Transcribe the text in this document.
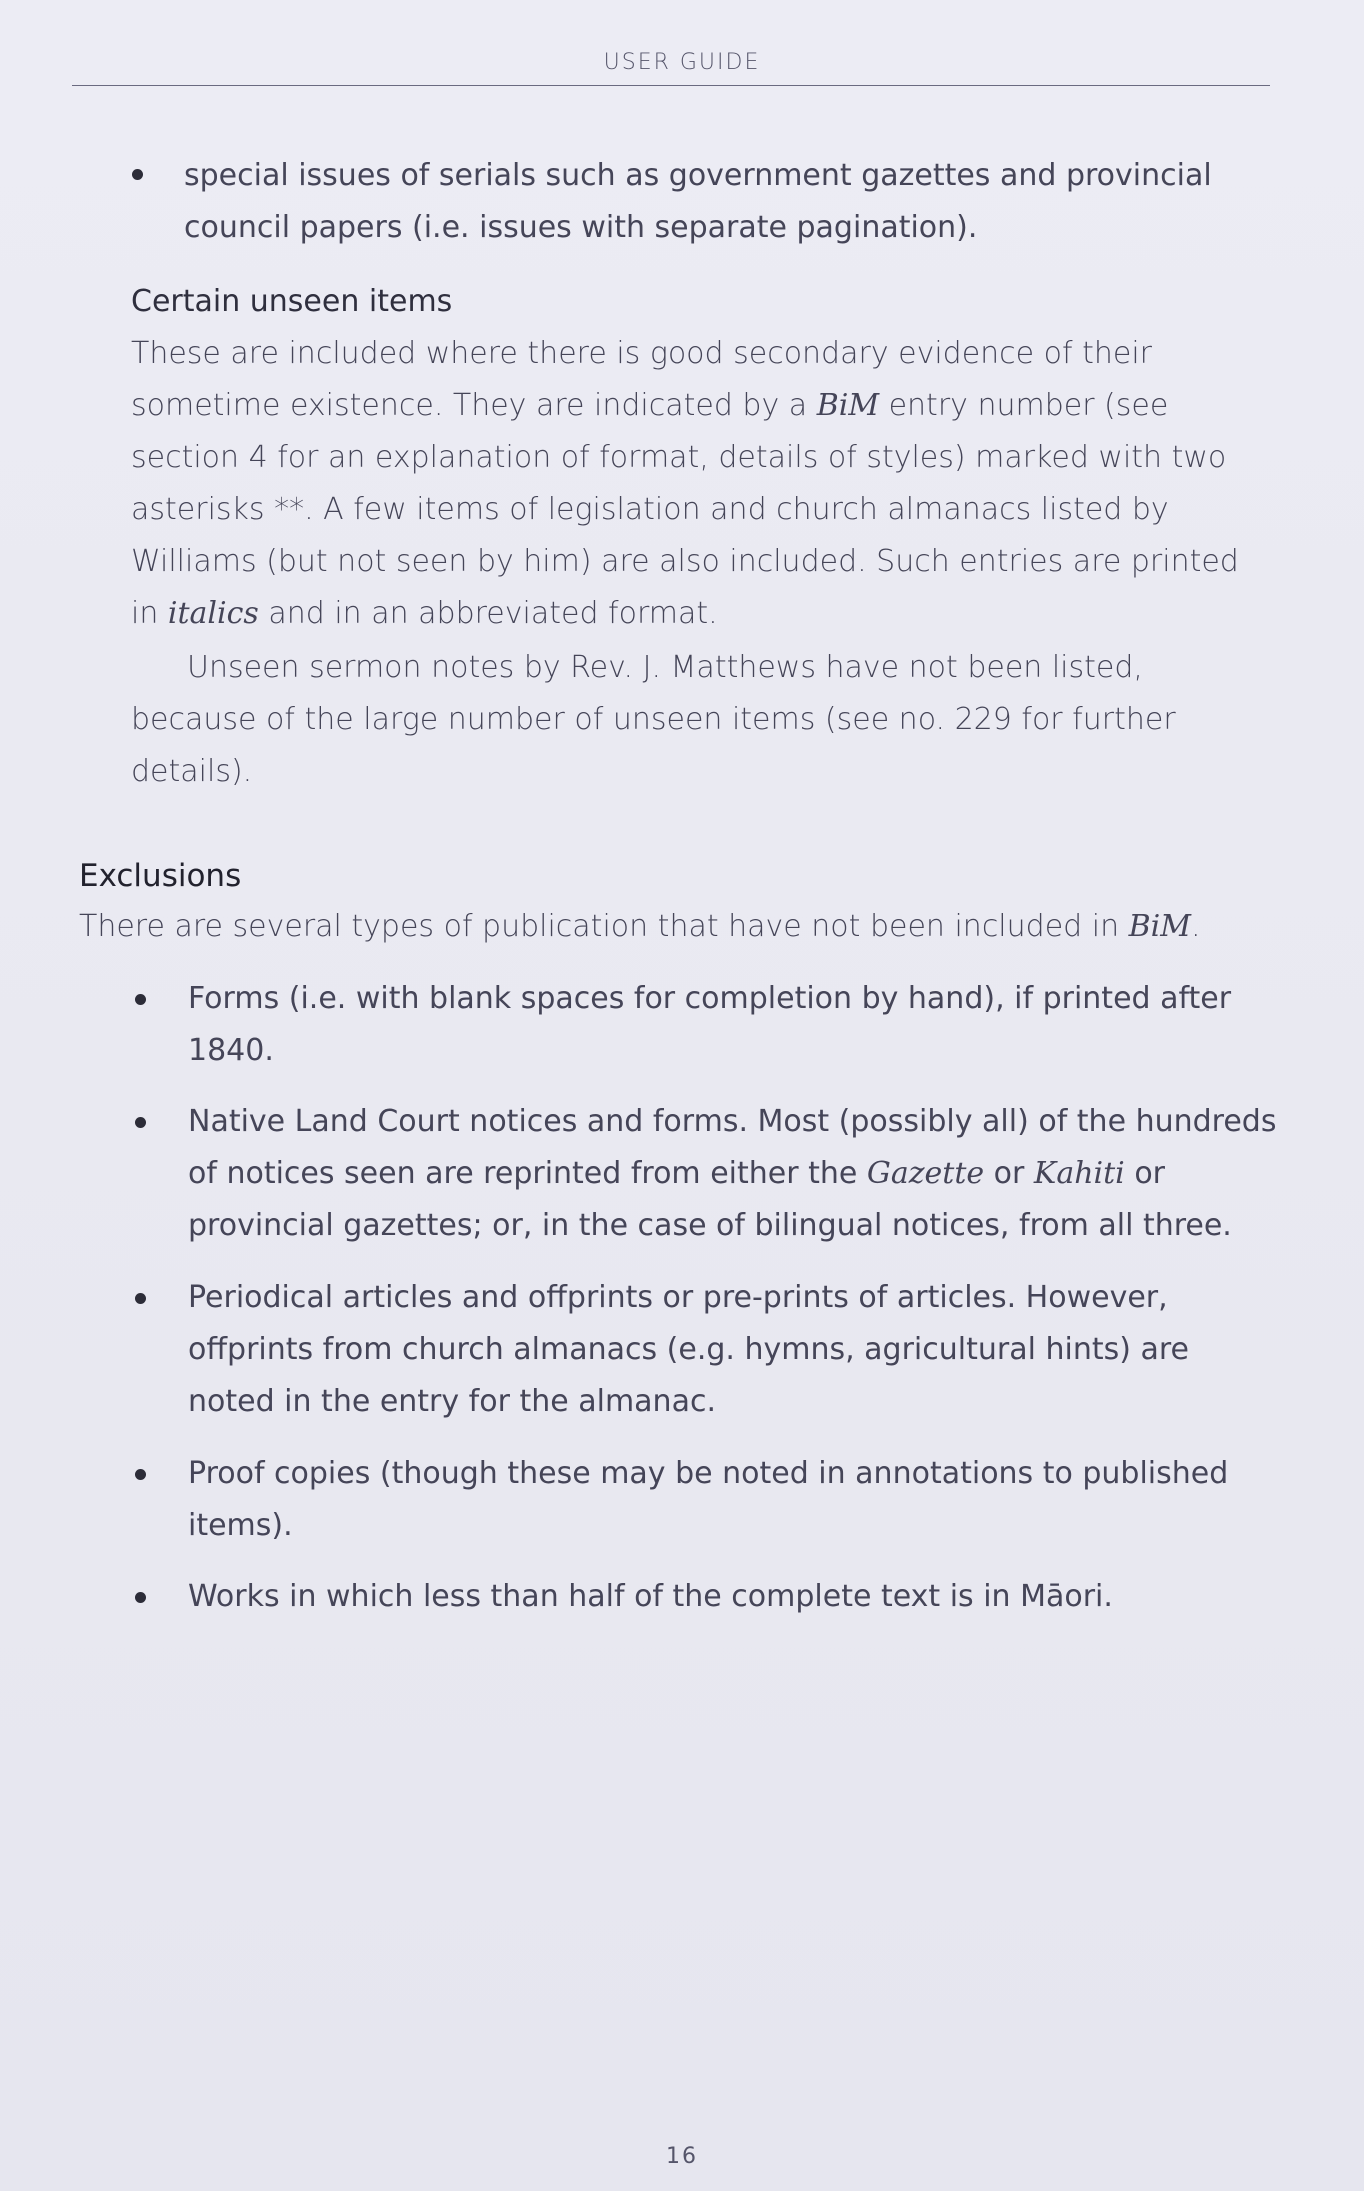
USER GUIDE
special issues of serials such as government gazettes and provincial council papers (i.e. issues with separate pagination).
Certain unseen items
These are included where there is good secondary evidence of their sometime existence. They are indicated by a BiM entry number (see section 4 for an explanation of format, details of styles) marked with two asterisks **. A few items of legislation and church almanacs listed by Williams (but not seen by him) are also included. Such entries are printed in italics and in an abbreviated format.
Unseen sermon notes by Rev. J. Matthews have not been listed, because of the large number of unseen items (see no. 229 for further details).
Exclusions
There are several types of publication that have not been included in BiM.
Forms (i.e. with blank spaces for completion by hand), if printed after 1840.
Native Land Court notices and forms. Most (possibly all) of the hundreds of notices seen are reprinted from either the Gazette or Kahiti or provincial gazettes; or, in the case of bilingual notices, from all three.
Periodical articles and offprints or pre-prints of articles. However, offprints from church almanacs (e.g. hymns, agricultural hints) are noted in the entry for the almanac.
Proof copies (though these may be noted in annotations to published items).
Works in which less than half of the complete text is in Māori.
16
